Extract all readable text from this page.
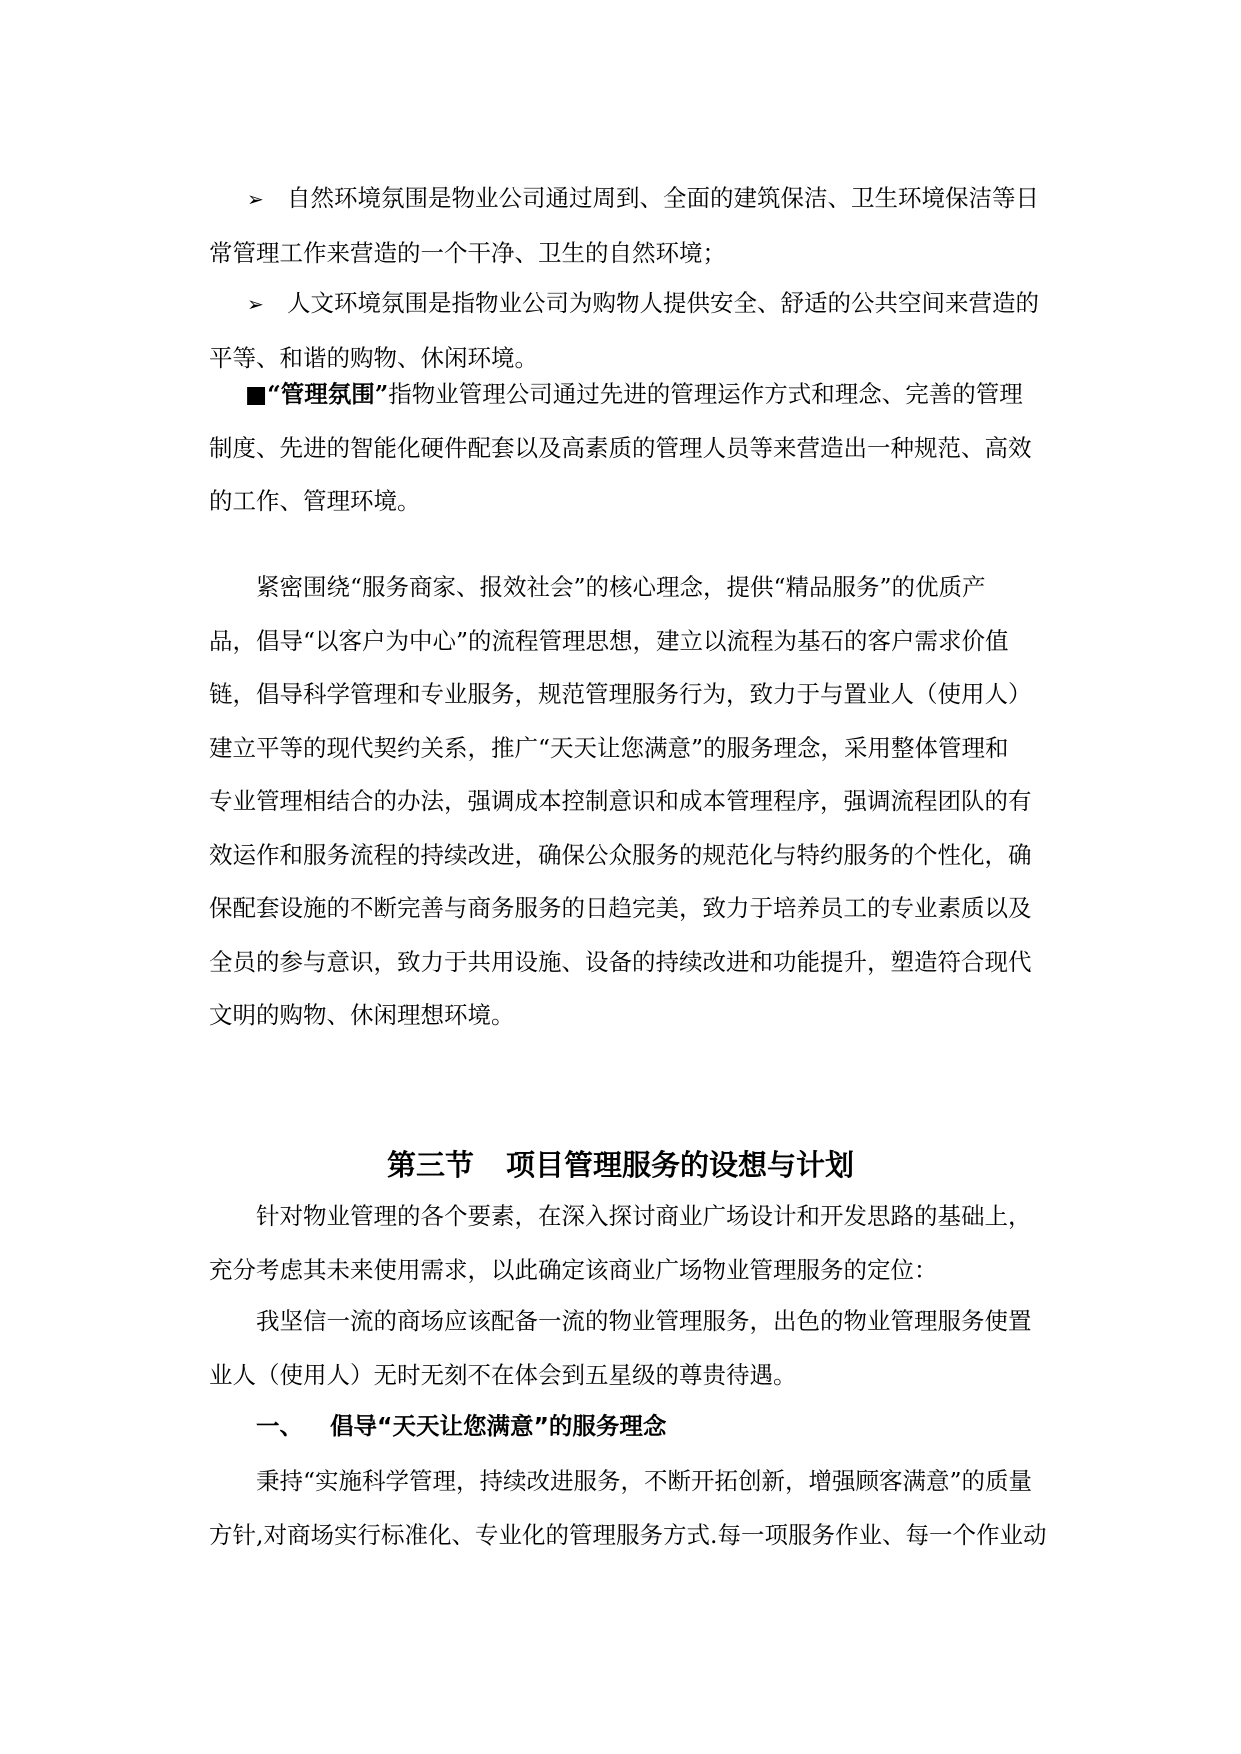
➢ 自然环境氛围是物业公司通过周到、全面的建筑保洁、卫生环境保洁等日
常管理工作来营造的一个干净、卫生的自然环境；
➢ 人文环境氛围是指物业公司为购物人提供安全、舒适的公共空间来营造的
平等、和谐的购物、休闲环境。
■“管理氛围”指物业管理公司通过先进的管理运作方式和理念、完善的管理
制度、先进的智能化硬件配套以及高素质的管理人员等来营造出一种规范、高效
的工作、管理环境。
紧密围绕“服务商家、报效社会”的核心理念，提供“精品服务”的优质产
品，倡导“以客户为中心”的流程管理思想，建立以流程为基石的客户需求价值
链，倡导科学管理和专业服务，规范管理服务行为，致力于与置业人（使用人）
建立平等的现代契约关系，推广“天天让您满意”的服务理念，采用整体管理和
专业管理相结合的办法，强调成本控制意识和成本管理程序，强调流程团队的有
效运作和服务流程的持续改进，确保公众服务的规范化与特约服务的个性化，确
保配套设施的不断完善与商务服务的日趋完美，致力于培养员工的专业素质以及
全员的参与意识，致力于共用设施、设备的持续改进和功能提升，塑造符合现代
文明的购物、休闲理想环境。
第三节 项目管理服务的设想与计划
针对物业管理的各个要素，在深入探讨商业广场设计和开发思路的基础上，
充分考虑其未来使用需求，以此确定该商业广场物业管理服务的定位：
我坚信一流的商场应该配备一流的物业管理服务，出色的物业管理服务使置
业人（使用人）无时无刻不在体会到五星级的尊贵待遇。
一、 倡导“天天让您满意”的服务理念
秉持“实施科学管理，持续改进服务，不断开拓创新，增强顾客满意”的质量
方针,对商场实行标准化、专业化的管理服务方式.每一项服务作业、每一个作业动
